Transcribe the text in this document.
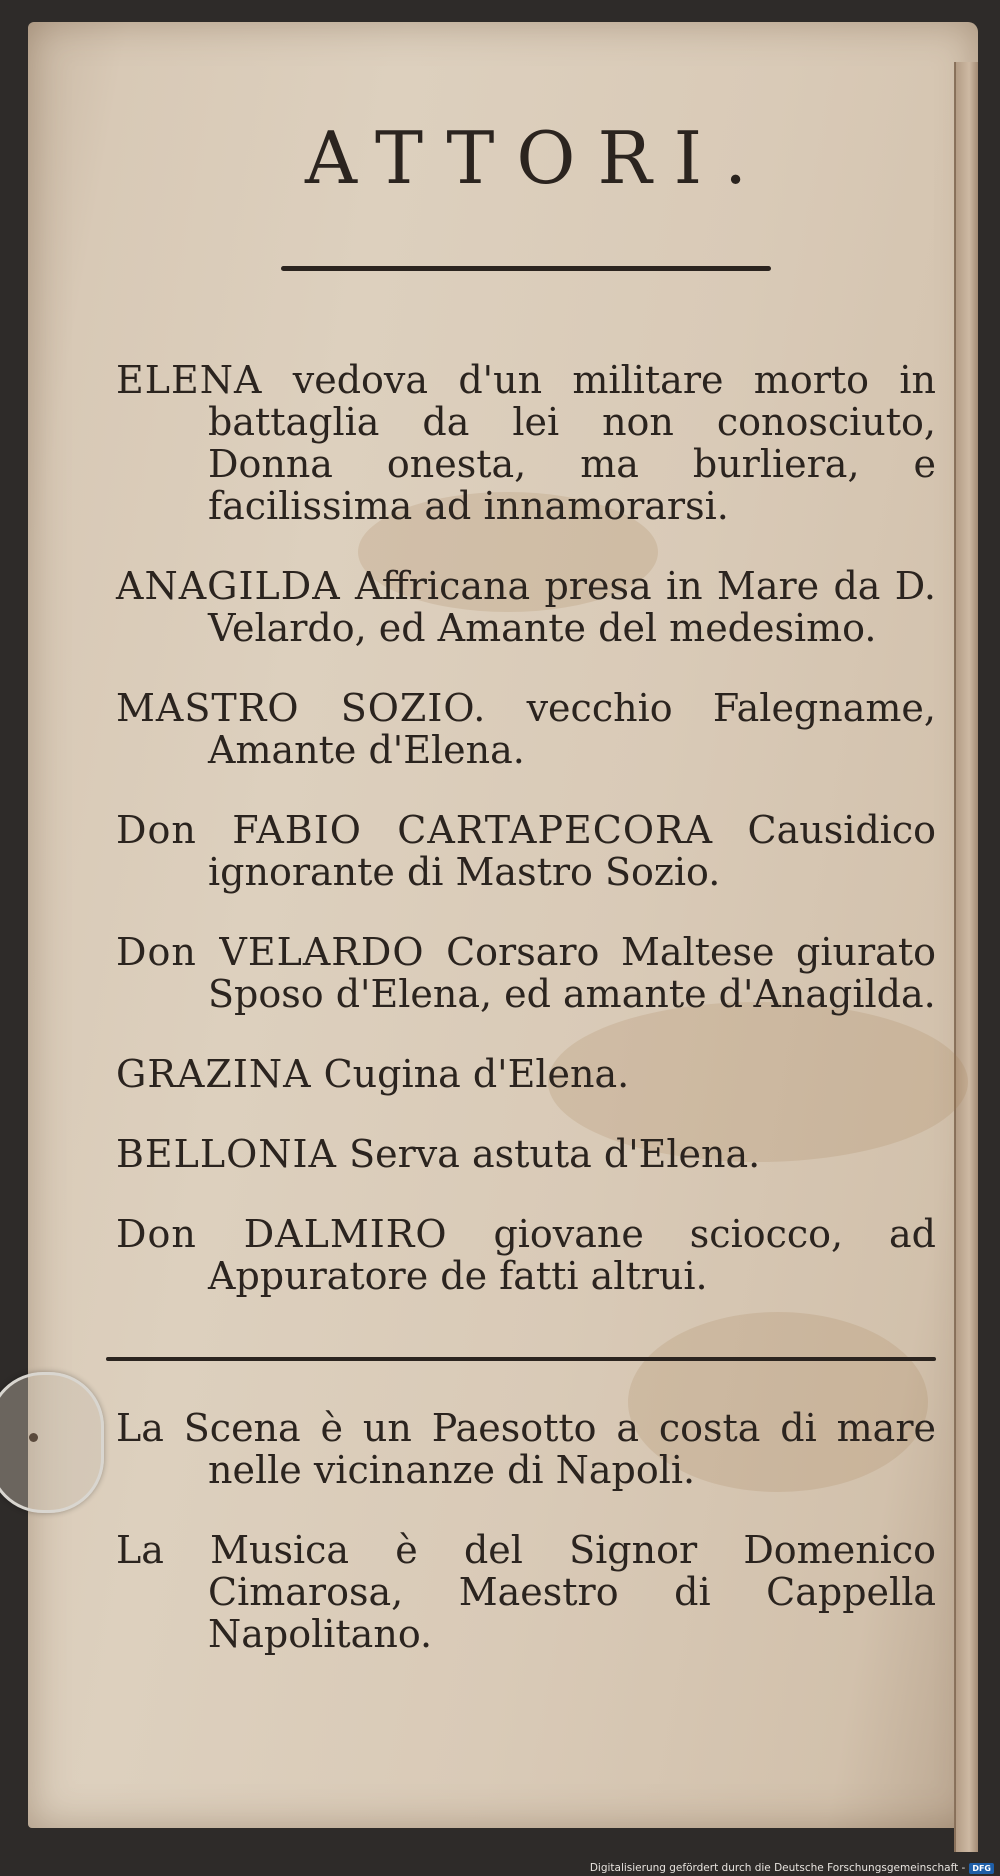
ATTORI.

ELENA vedova d'un militare morto in battaglia da lei non conosciuto, Donna onesta, ma burliera, e facilissima ad innamorarsi.

ANAGILDA Affricana presa in Mare da D. Velardo, ed Amante del medesimo.

MASTRO SOZIO. vecchio Falegname, Amante d'Elena.

Don FABIO CARTAPECORA Causidico ignorante di Mastro Sozio.

Don VELARDO Corsaro Maltese giurato Sposo d'Elena, ed amante d'Anagilda.

GRAZINA Cugina d'Elena.

BELLONIA Serva astuta d'Elena.

Don DALMIRO giovane sciocco, ad Appuratore de fatti altrui.

La Scena è un Paesotto a costa di mare nelle vicinanze di Napoli.

La Musica è del Signor Domenico Cimarosa, Maestro di Cappella Napolitano.

Digitalisierung gefördert durch die Deutsche Forschungsgemeinschaft - DFG
